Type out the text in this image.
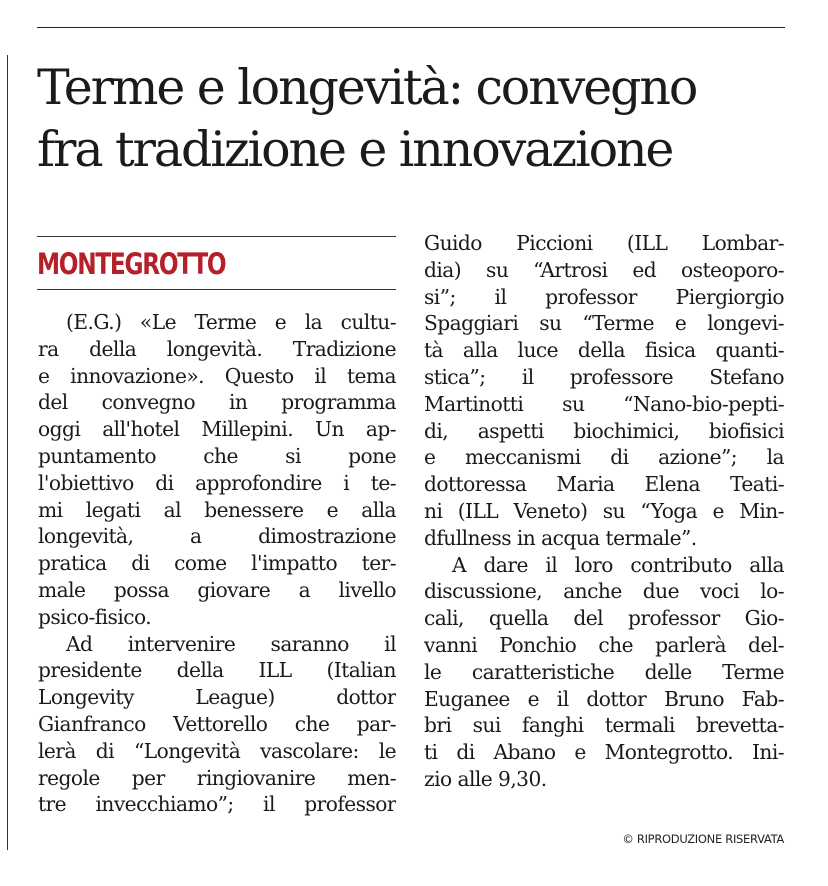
Terme e longevità: convegno
fra tradizione e innovazione

MONTEGROTTO

(E.G.) «Le Terme e la cultu-
ra della longevità. Tradizione
e innovazione». Questo il tema
del convegno in programma
oggi all'hotel Millepini. Un ap-
puntamento che si pone
l'obiettivo di approfondire i te-
mi legati al benessere e alla
longevità, a dimostrazione
pratica di come l'impatto ter-
male possa giovare a livello
psico-fisico.
Ad intervenire saranno il
presidente della ILL (Italian
Longevity League) dottor
Gianfranco Vettorello che par-
lerà di “Longevità vascolare: le
regole per ringiovanire men-
tre invecchiamo”; il professor
Guido Piccioni (ILL Lombar-
dia) su “Artrosi ed osteoporo-
si”; il professor Piergiorgio
Spaggiari su “Terme e longevi-
tà alla luce della fisica quanti-
stica”; il professore Stefano
Martinotti su “Nano-bio-pepti-
di, aspetti biochimici, biofisici
e meccanismi di azione”; la
dottoressa Maria Elena Teati-
ni (ILL Veneto) su “Yoga e Min-
dfullness in acqua termale”.
A dare il loro contributo alla
discussione, anche due voci lo-
cali, quella del professor Gio-
vanni Ponchio che parlerà del-
le caratteristiche delle Terme
Euganee e il dottor Bruno Fab-
bri sui fanghi termali brevetta-
ti di Abano e Montegrotto. Ini-
zio alle 9,30.

© RIPRODUZIONE RISERVATA
